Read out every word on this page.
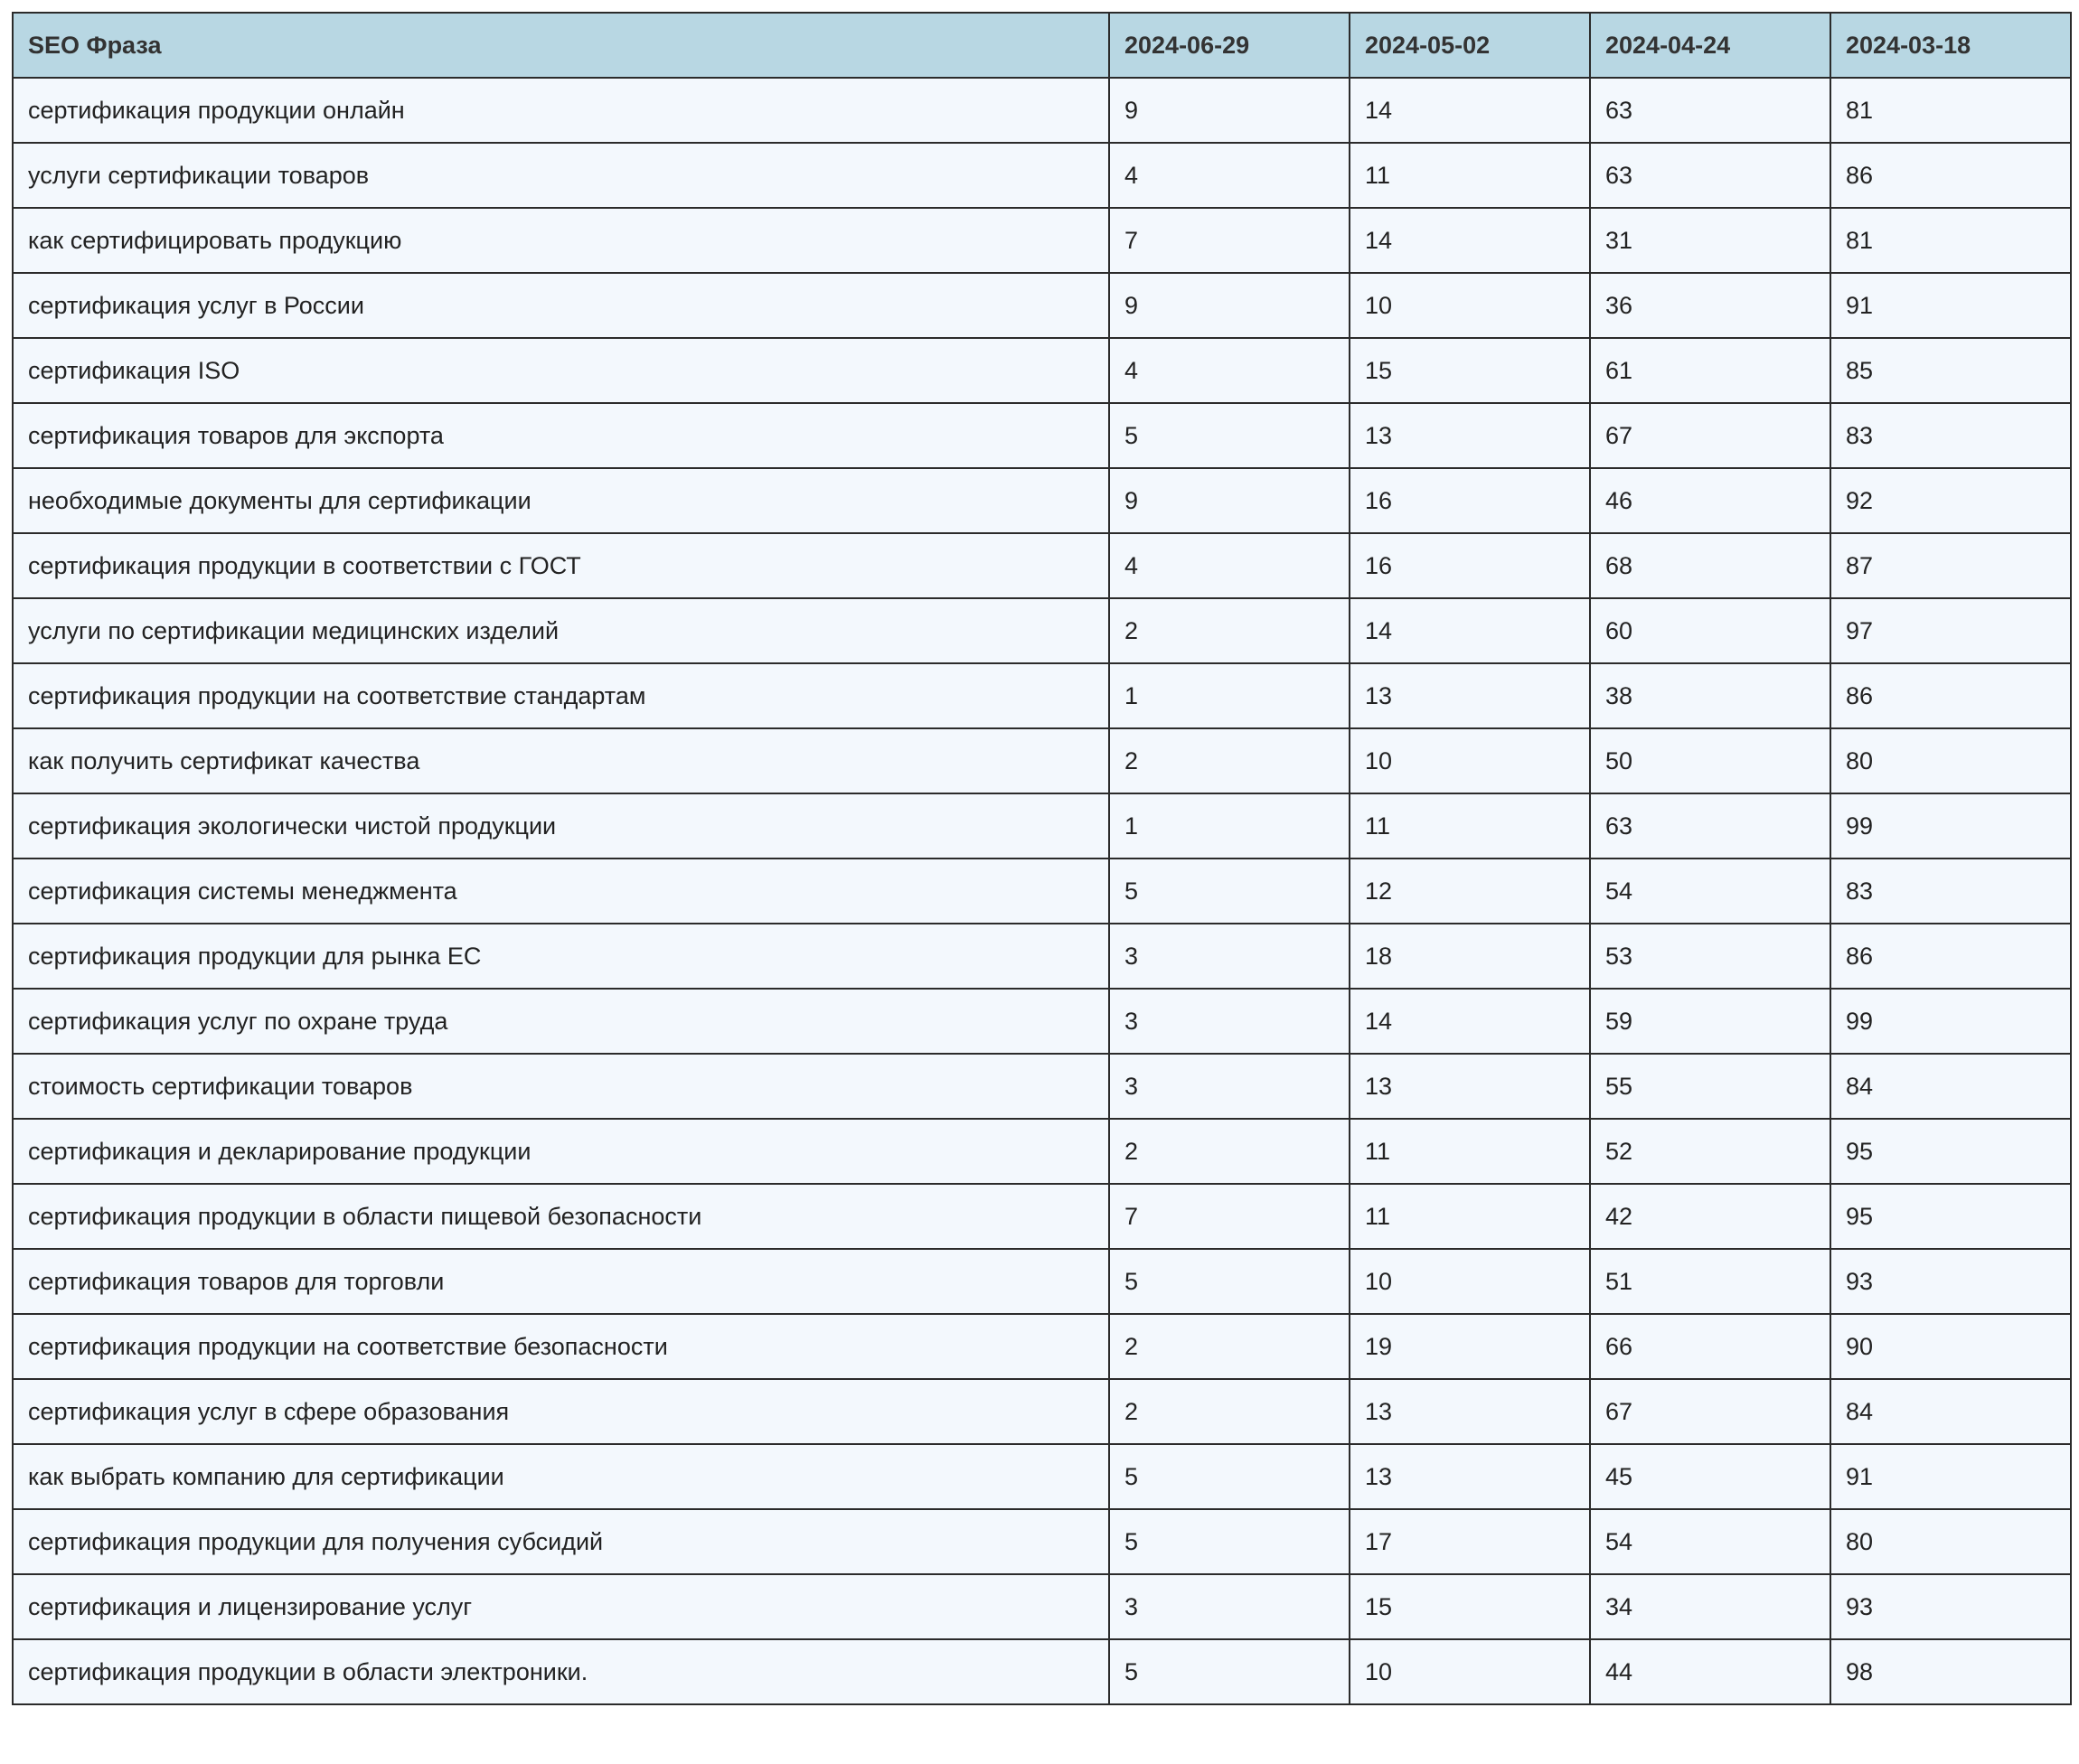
SEO Фраза	2024-06-29	2024-05-02	2024-04-24	2024-03-18
сертификация продукции онлайн	9	14	63	81
услуги сертификации товаров	4	11	63	86
как сертифицировать продукцию	7	14	31	81
сертификация услуг в России	9	10	36	91
сертификация ISO	4	15	61	85
сертификация товаров для экспорта	5	13	67	83
необходимые документы для сертификации	9	16	46	92
сертификация продукции в соответствии с ГОСТ	4	16	68	87
услуги по сертификации медицинских изделий	2	14	60	97
сертификация продукции на соответствие стандартам	1	13	38	86
как получить сертификат качества	2	10	50	80
сертификация экологически чистой продукции	1	11	63	99
сертификация системы менеджмента	5	12	54	83
сертификация продукции для рынка ЕС	3	18	53	86
сертификация услуг по охране труда	3	14	59	99
стоимость сертификации товаров	3	13	55	84
сертификация и декларирование продукции	2	11	52	95
сертификация продукции в области пищевой безопасности	7	11	42	95
сертификация товаров для торговли	5	10	51	93
сертификация продукции на соответствие безопасности	2	19	66	90
сертификация услуг в сфере образования	2	13	67	84
как выбрать компанию для сертификации	5	13	45	91
сертификация продукции для получения субсидий	5	17	54	80
сертификация и лицензирование услуг	3	15	34	93
сертификация продукции в области электроники.	5	10	44	98
